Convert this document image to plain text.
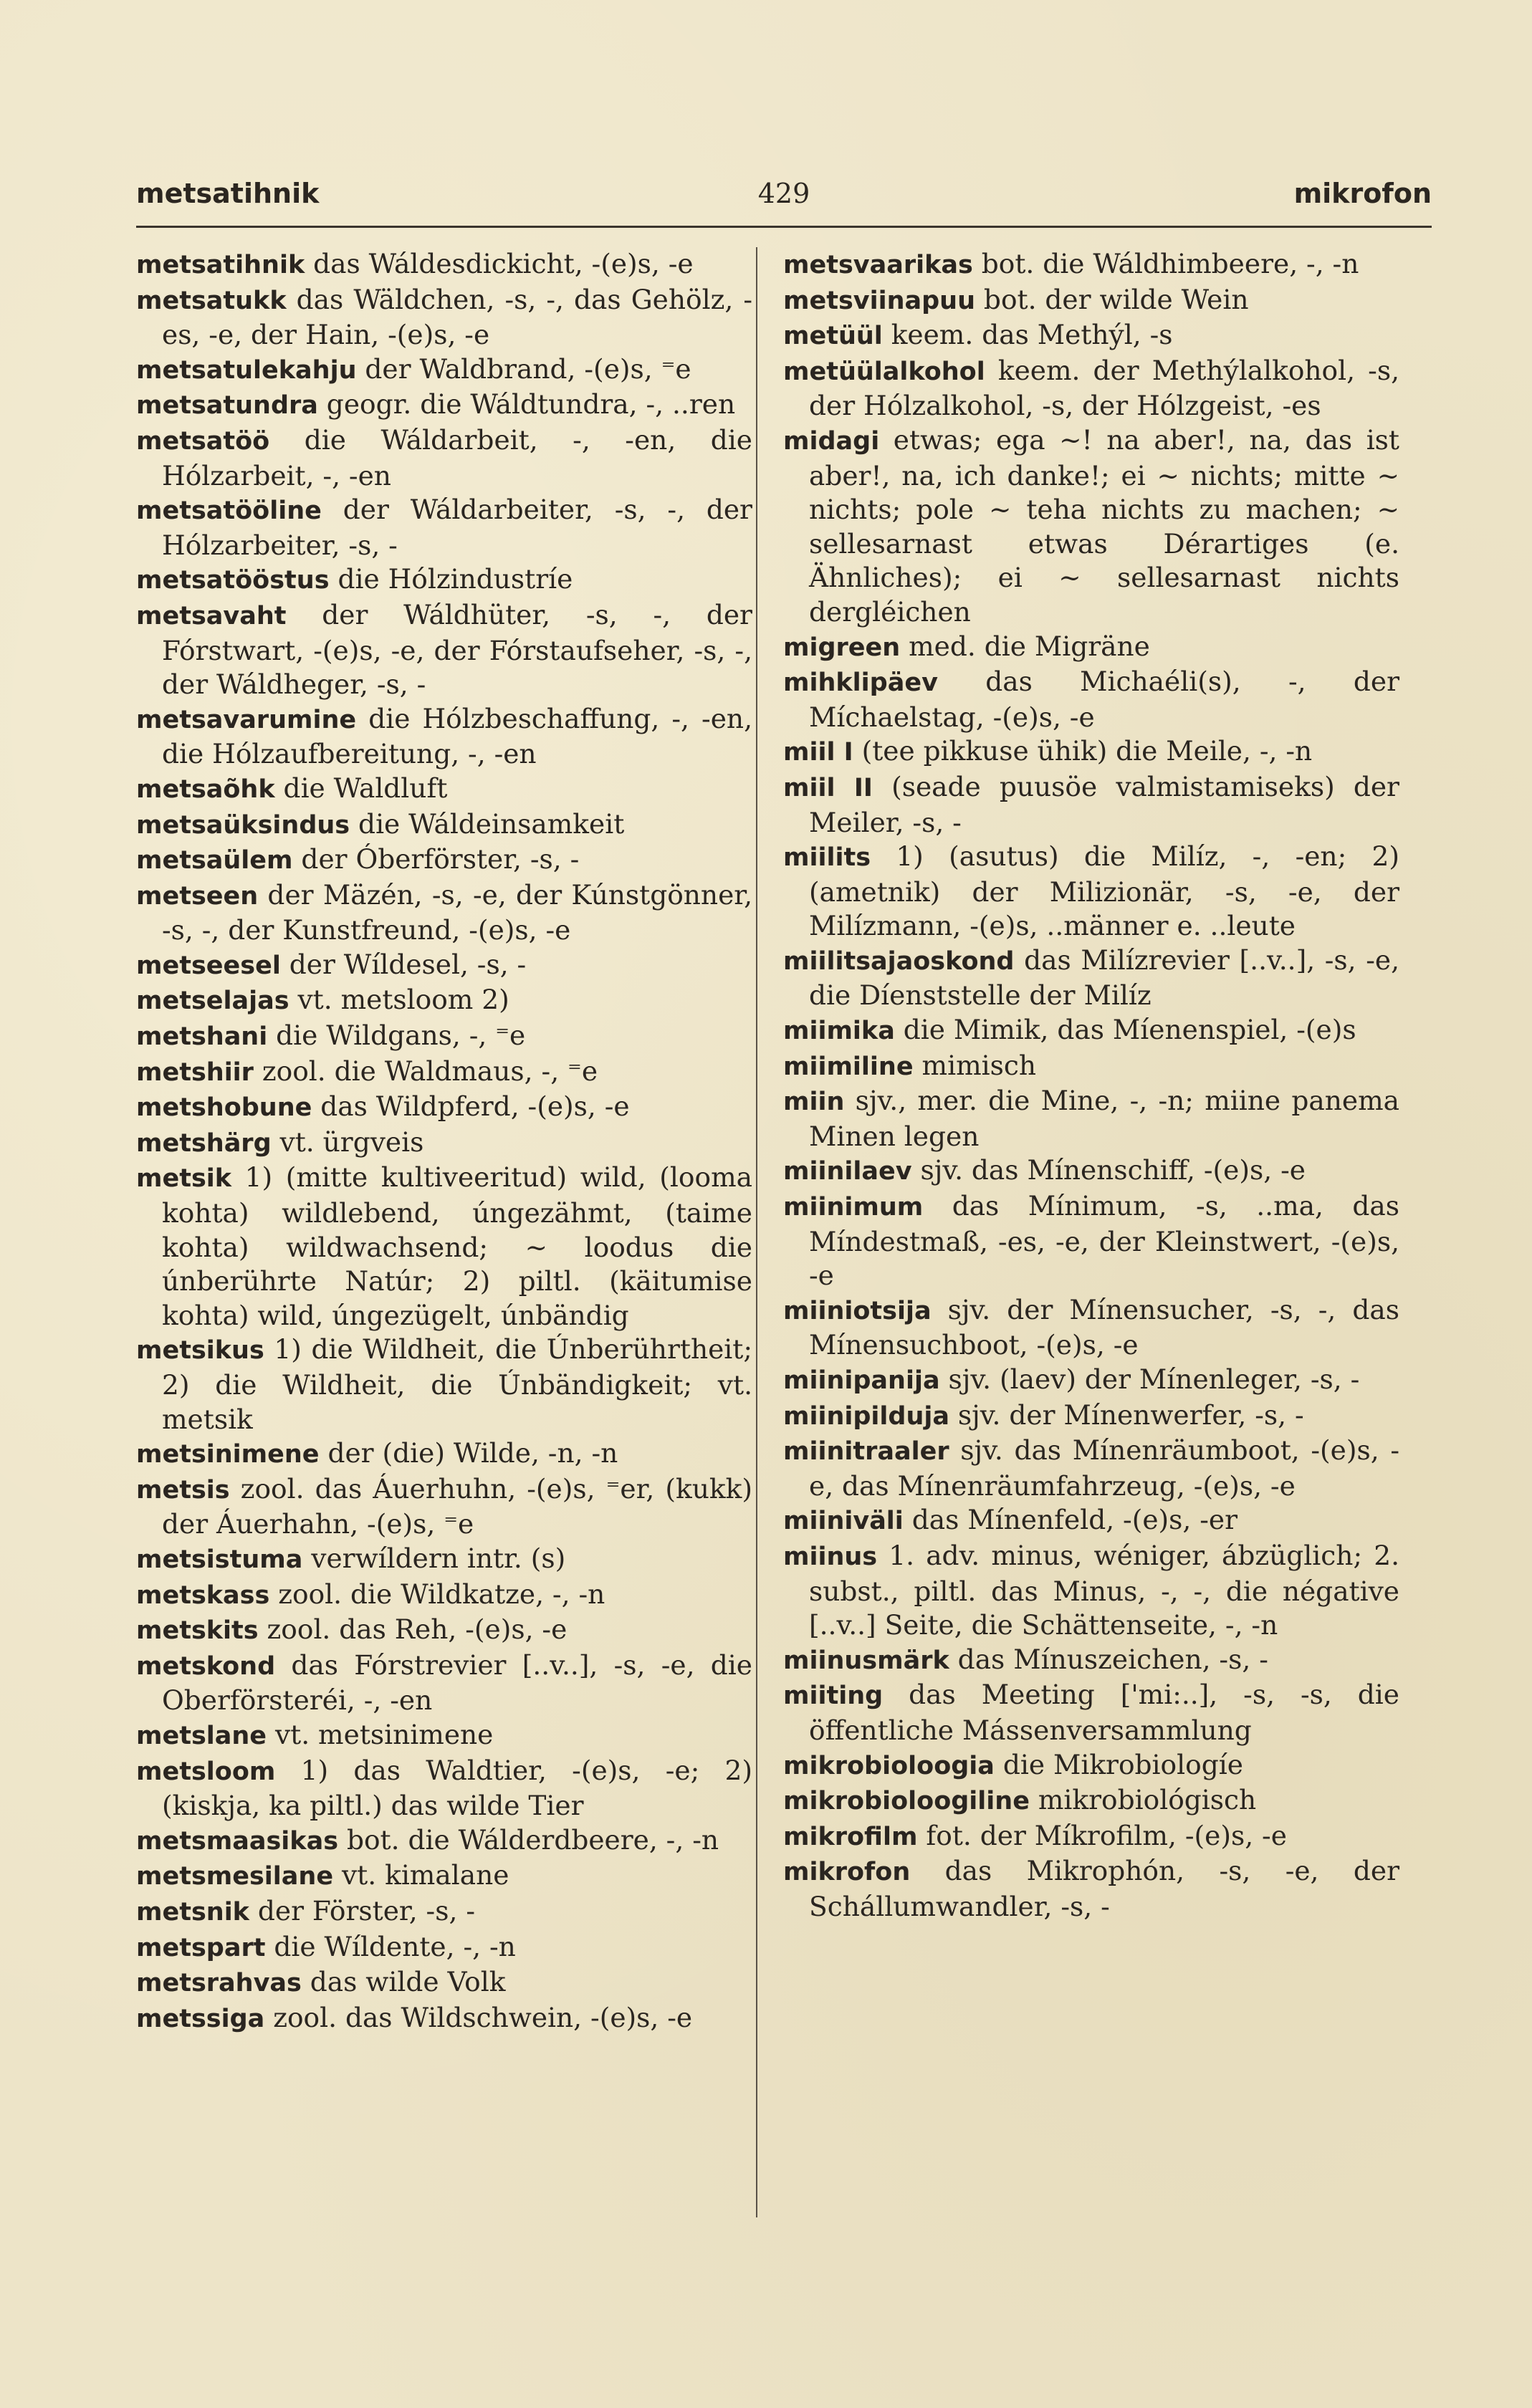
metsatihnik	429	mikrofon

metsatihnik das Wáldesdickicht, -(e)s, -e

metsatukk das Wäldchen, -s, -, das Gehölz, -es, -e, der Hain, -(e)s, -e

metsatulekahju der Waldbrand, -(e)s, ⁼e

metsatundra geogr. die Wáldtundra, -, ..ren

metsatöö die Wáldarbeit, -, -en, die Hólzarbeit, -, -en

metsatööline der Wáldarbeiter, -s, -, der Hólzarbeiter, -s, -

metsatööstus die Hólzindustríe

metsavaht der Wáldhüter, -s, -, der Fórstwart, -(e)s, -e, der Fórstaufseher, -s, -, der Wáldheger, -s, -

metsavarumine die Hólzbeschaffung, -, -en, die Hólzaufbereitung, -, -en

metsaõhk die Waldluft

metsaüksindus die Wáldeinsamkeit

metsaülem der Óberförster, -s, -

metseen der Mäzén, -s, -e, der Kúnstgönner, -s, -, der Kunstfreund, -(e)s, -e

metseesel der Wíldesel, -s, -

metselajas vt. metsloom 2)

metshani die Wildgans, -, ⁼e

metshiir zool. die Waldmaus, -, ⁼e

metshobune das Wildpferd, -(e)s, -e

metshärg vt. ürgveis

metsik 1) (mitte kultiveeritud) wild, (looma kohta) wildlebend, úngezähmt, (taime kohta) wildwachsend; ~ loodus die únberührte Natúr; 2) piltl. (käitumise kohta) wild, úngezügelt, únbändig

metsikus 1) die Wildheit, die Únberührtheit; 2) die Wildheit, die Únbändigkeit; vt. metsik

metsinimene der (die) Wilde, -n, -n

metsis zool. das Áuerhuhn, -(e)s, ⁼er, (kukk) der Áuerhahn, -(e)s, ⁼e

metsistuma verwíldern intr. (s)

metskass zool. die Wildkatze, -, -n

metskits zool. das Reh, -(e)s, -e

metskond das Fórstrevier [..v..], -s, -e, die Oberförsteréi, -, -en

metslane vt. metsinimene

metsloom 1) das Waldtier, -(e)s, -e; 2) (kiskja, ka piltl.) das wilde Tier

metsmaasikas bot. die Wálderdbeere, -, -n

metsmesilane vt. kimalane

metsnik der Förster, -s, -

metspart die Wíldente, -, -n

metsrahvas das wilde Volk

metssiga zool. das Wildschwein, -(e)s, -e

metsvaarikas bot. die Wáldhimbeere, -, -n

metsviinapuu bot. der wilde Wein

metüül keem. das Methýl, -s

metüülalkohol keem. der Methýlalkohol, -s, der Hólzalkohol, -s, der Hólzgeist, -es

midagi etwas; ega ~! na aber!, na, das ist aber!, na, ich danke!; ei ~ nichts; mitte ~ nichts; pole ~ teha nichts zu machen; ~ sellesarnast etwas Dérartiges (e. Ähnliches); ei ~ sellesarnast nichts dergléichen

migreen med. die Migräne

mihklipäev das Michaéli(s), -, der Míchaelstag, -(e)s, -e

miil I (tee pikkuse ühik) die Meile, -, -n

miil II (seade puusöe valmistamiseks) der Meiler, -s, -

miilits 1) (asutus) die Milíz, -, -en; 2) (ametnik) der Milizionär, -s, -e, der Milízmann, -(e)s, ..männer e. ..leute

miilitsajaoskond das Milízrevier [..v..], -s, -e, die Díenststelle der Milíz

miimika die Mimik, das Míenenspiel, -(e)s

miimiline mimisch

miin sjv., mer. die Mine, -, -n; miine panema Minen legen

miinilaev sjv. das Mínenschiff, -(e)s, -e

miinimum das Mínimum, -s, ..ma, das Míndestmaß, -es, -e, der Kleinstwert, -(e)s, -e

miiniotsija sjv. der Mínensucher, -s, -, das Mínensuchboot, -(e)s, -e

miinipanija sjv. (laev) der Mínenleger, -s, -

miinipilduja sjv. der Mínenwerfer, -s, -

miinitraaler sjv. das Mínenräumboot, -(e)s, -e, das Mínenräumfahrzeug, -(e)s, -e

miiniväli das Mínenfeld, -(e)s, -er

miinus 1. adv. minus, wéniger, ábzüglich; 2. subst., piltl. das Minus, -, -, die négative [..v..] Seite, die Schättenseite, -, -n

miinusmärk das Mínuszeichen, -s, -

miiting das Meeting ['mi:..], -s, -s, die öffentliche Mássenversammlung

mikrobioloogia die Mikrobiologíe

mikrobioloogiline mikrobiológisch

mikrofilm fot. der Míkrofilm, -(e)s, -e

mikrofon das Mikrophón, -s, -e, der Schállumwandler, -s, -
